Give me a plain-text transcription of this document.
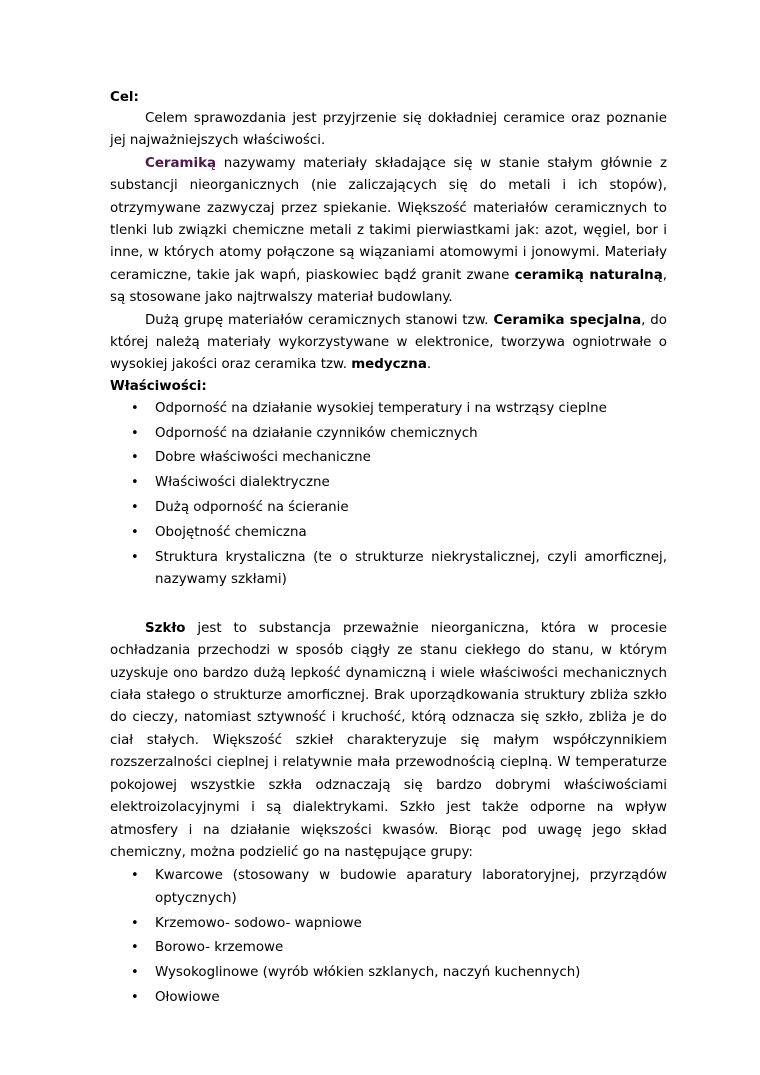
Cel:

Celem sprawozdania jest przyjrzenie się dokładniej ceramice oraz poznanie jej najważniejszych właściwości.

Ceramiką nazywamy materiały składające się w stanie stałym głównie z substancji nieorganicznych (nie zaliczających się do metali i ich stopów), otrzymywane zazwyczaj przez spiekanie. Większość materiałów ceramicznych to tlenki lub związki chemiczne metali z takimi pierwiastkami jak: azot, węgiel, bor i inne, w których atomy połączone są wiązaniami atomowymi i jonowymi. Materiały ceramiczne, takie jak wapń, piaskowiec bądź granit zwane ceramiką naturalną, są stosowane jako najtrwalszy materiał budowlany.

Dużą grupę materiałów ceramicznych stanowi tzw. Ceramika specjalna, do której należą materiały wykorzystywane w elektronice, tworzywa ogniotrwałe o wysokiej jakości oraz ceramika tzw. medyczna.

Właściwości:
• Odporność na działanie wysokiej temperatury i na wstrząsy cieplne
• Odporność na działanie czynników chemicznych
• Dobre właściwości mechaniczne
• Właściwości dialektryczne
• Dużą odporność na ścieranie
• Obojętność chemiczna
• Struktura krystaliczna (te o strukturze niekrystalicznej, czyli amorficznej, nazywamy szkłami)

Szkło jest to substancja przeważnie nieorganiczna, która w procesie ochładzania przechodzi w sposób ciągły ze stanu ciekłego do stanu, w którym uzyskuje ono bardzo dużą lepkość dynamiczną i wiele właściwości mechanicznych ciała stałego o strukturze amorficznej. Brak uporządkowania struktury zbliża szkło do cieczy, natomiast sztywność i kruchość, którą odznacza się szkło, zbliża je do ciał stałych. Większość szkieł charakteryzuje się małym współczynnikiem rozszerzalności cieplnej i relatywnie mała przewodnością cieplną. W temperaturze pokojowej wszystkie szkła odznaczają się bardzo dobrymi właściwościami elektroizolacyjnymi i są dialektrykami. Szkło jest także odporne na wpływ atmosfery i na działanie większości kwasów. Biorąc pod uwagę jego skład chemiczny, można podzielić go na następujące grupy:

• Kwarcowe (stosowany w budowie aparatury laboratoryjnej, przyrządów optycznych)
• Krzemowo- sodowo- wapniowe
• Borowo- krzemowe
• Wysokoglinowe (wyrób włókien szklanych, naczyń kuchennych)
• Ołowiowe
